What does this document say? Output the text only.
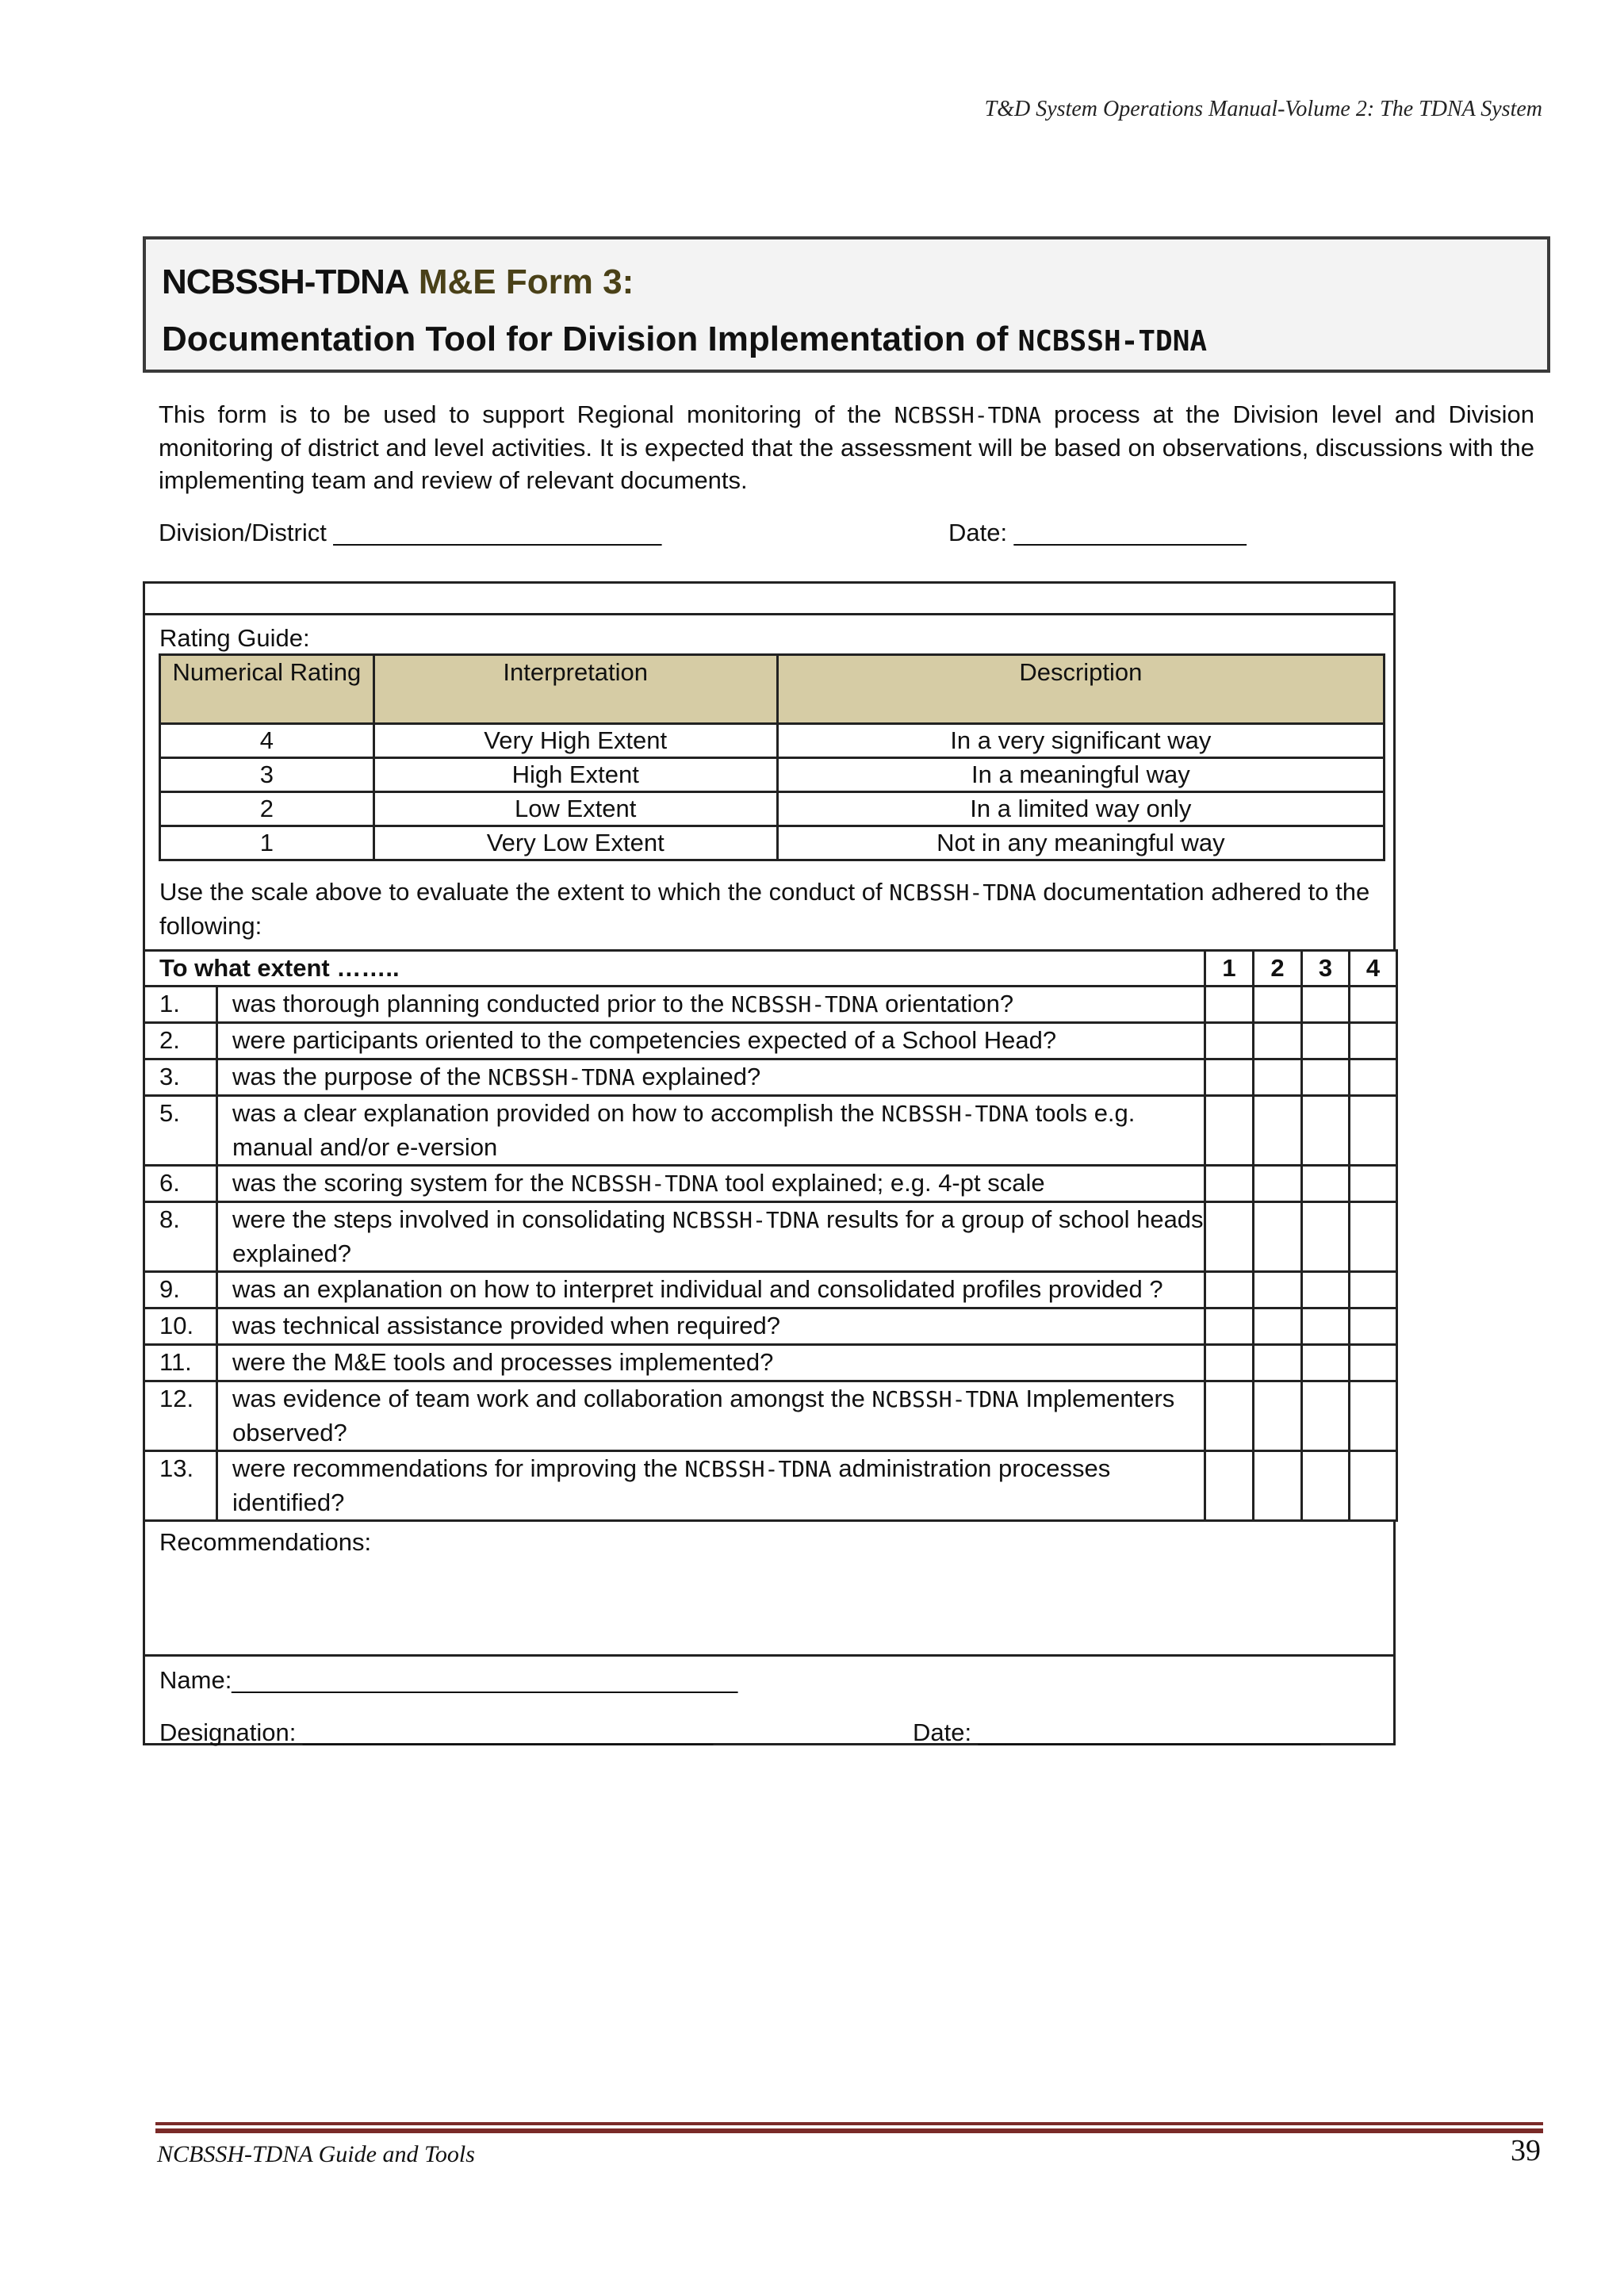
T&D System Operations Manual-Volume 2: The TDNA System
NCBSSH-TDNA M&E Form 3:
Documentation Tool for Division Implementation of NCBSSH-TDNA
This form is to be used to support Regional monitoring of the NCBSSH-TDNA process at the Division level and Division monitoring of district and level activities. It is expected that the assessment will be based on observations, discussions with the implementing team and review of relevant documents.
Division/District ________________________	Date: _________________
Rating Guide:
Numerical Rating	Interpretation	Description
4	Very High Extent	In a very significant way
3	High Extent	In a meaningful way
2	Low Extent	In a limited way only
1	Very Low Extent	Not in any meaningful way
Use the scale above to evaluate the extent to which the conduct of NCBSSH-TDNA documentation adhered to the following:
To what extent ……..		1	2	3	4
1.	was thorough planning conducted prior to the NCBSSH-TDNA orientation?				
2.	were participants oriented to the competencies expected of a School Head?				
3.	was the purpose of the NCBSSH-TDNA explained?				
5.	was a clear explanation provided on how to accomplish the NCBSSH-TDNA tools e.g. manual and/or e-version				
6.	was the scoring system for the NCBSSH-TDNA tool explained; e.g. 4-pt scale				
8.	were the steps involved in consolidating NCBSSH-TDNA results for a group of school heads explained?				
9.	was an explanation on how to interpret individual and consolidated profiles provided ?				
10.	was technical assistance provided when required?				
11.	were the M&E tools and processes implemented?				
12.	was evidence of team work and collaboration amongst the NCBSSH-TDNA Implementers observed?				
13.	were recommendations for improving the NCBSSH-TDNA administration processes identified?				
Recommendations:
Name:_____________________________________
Designation: ______________________________	Date: _________________________
NCBSSH-TDNA Guide and Tools	39
